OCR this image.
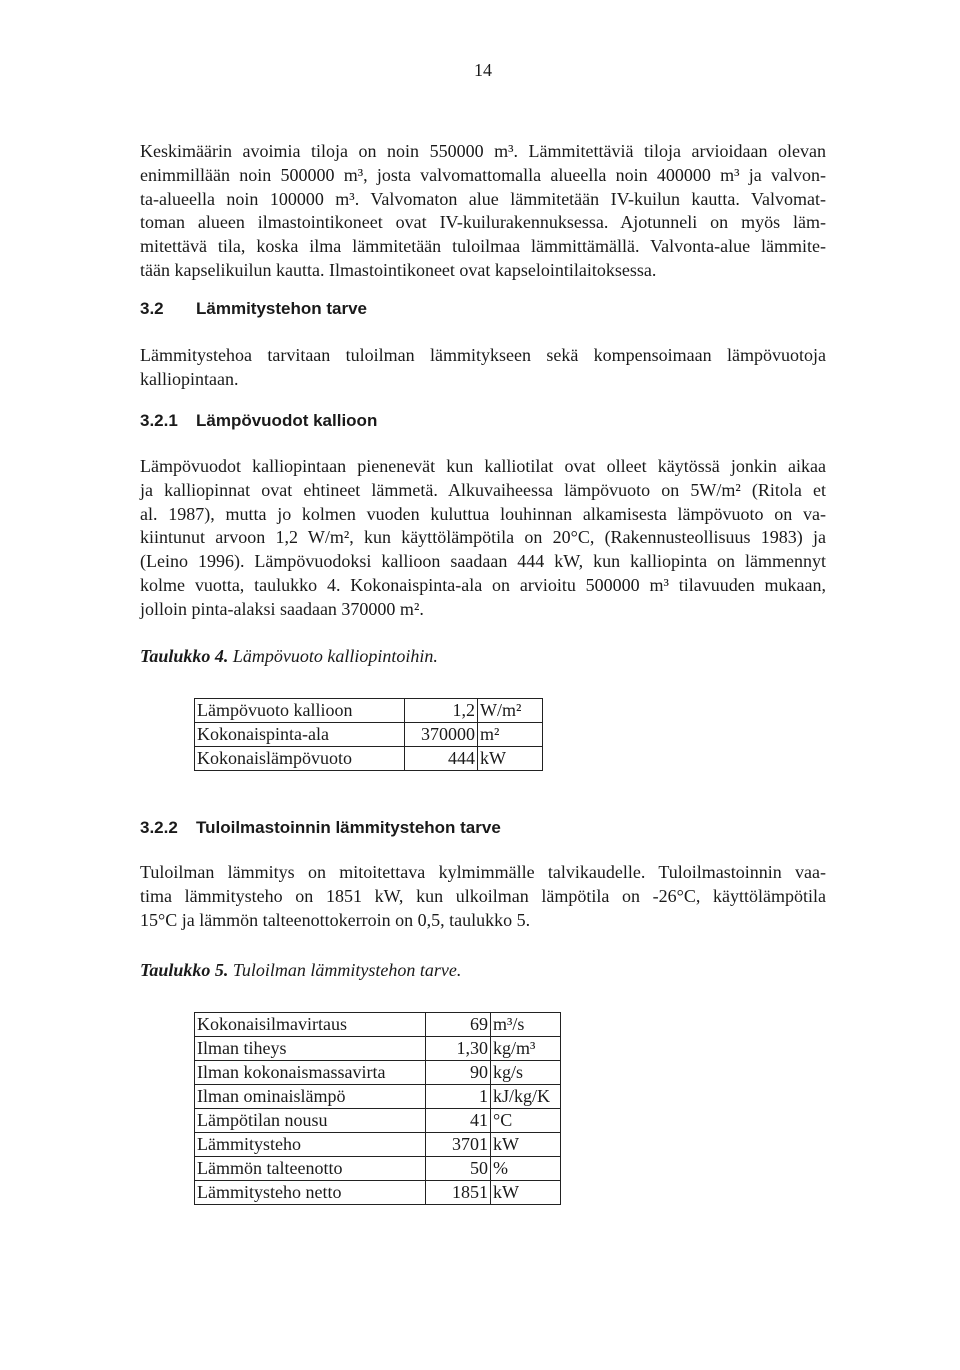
14

Keskimäärin avoimia tiloja on noin 550000 m³. Lämmitettäviä tiloja arvioidaan olevan
enimmillään noin 500000 m³, josta valvomattomalla alueella noin 400000 m³ ja valvon-
ta-alueella noin 100000 m³. Valvomaton alue lämmitetään IV-kuilun kautta. Valvomat-
toman alueen ilmastointikoneet ovat IV-kuilurakennuksessa. Ajotunneli on myös läm-
mitettävä tila, koska ilma lämmitetään tuloilmaa lämmittämällä. Valvonta-alue lämmite-
tään kapselikuilun kautta. Ilmastointikoneet ovat kapselointilaitoksessa.

3.2 Lämmitystehon tarve

Lämmitystehoa tarvitaan tuloilman lämmitykseen sekä kompensoimaan lämpövuotoja
kalliopintaan.

3.2.1 Lämpövuodot kallioon

Lämpövuodot kalliopintaan pienenevät kun kalliotilat ovat olleet käytössä jonkin aikaa
ja kalliopinnat ovat ehtineet lämmetä. Alkuvaiheessa lämpövuoto on 5W/m² (Ritola et
al. 1987), mutta jo kolmen vuoden kuluttua louhinnan alkamisesta lämpövuoto on va-
kiintunut arvoon 1,2 W/m², kun käyttölämpötila on 20°C, (Rakennusteollisuus 1983) ja
(Leino 1996). Lämpövuodoksi kallioon saadaan 444 kW, kun kalliopinta on lämmennyt
kolme vuotta, taulukko 4. Kokonaispinta-ala on arvioitu 500000 m³ tilavuuden mukaan,
jolloin pinta-alaksi saadaan 370000 m².

Taulukko 4. Lämpövuoto kalliopintoihin.

Lämpövuoto kallioon	1,2	W/m²
Kokonaispinta-ala	370000	m²
Kokonaislämpövuoto	444	kW
3.2.2 Tuloilmastoinnin lämmitystehon tarve

Tuloilman lämmitys on mitoitettava kylmimmälle talvikaudelle. Tuloilmastoinnin vaa-
tima lämmitysteho on 1851 kW, kun ulkoilman lämpötila on -26°C, käyttölämpötila
15°C ja lämmön talteenottokerroin on 0,5, taulukko 5.

Taulukko 5. Tuloilman lämmitystehon tarve.

Kokonaisilmavirtaus	69	m³/s
Ilman tiheys	1,30	kg/m³
Ilman kokonaismassavirta	90	kg/s
Ilman ominaislämpö	1	kJ/kg/K
Lämpötilan nousu	41	°C
Lämmitysteho	3701	kW
Lämmön talteenotto	50	%
Lämmitysteho netto	1851	kW
